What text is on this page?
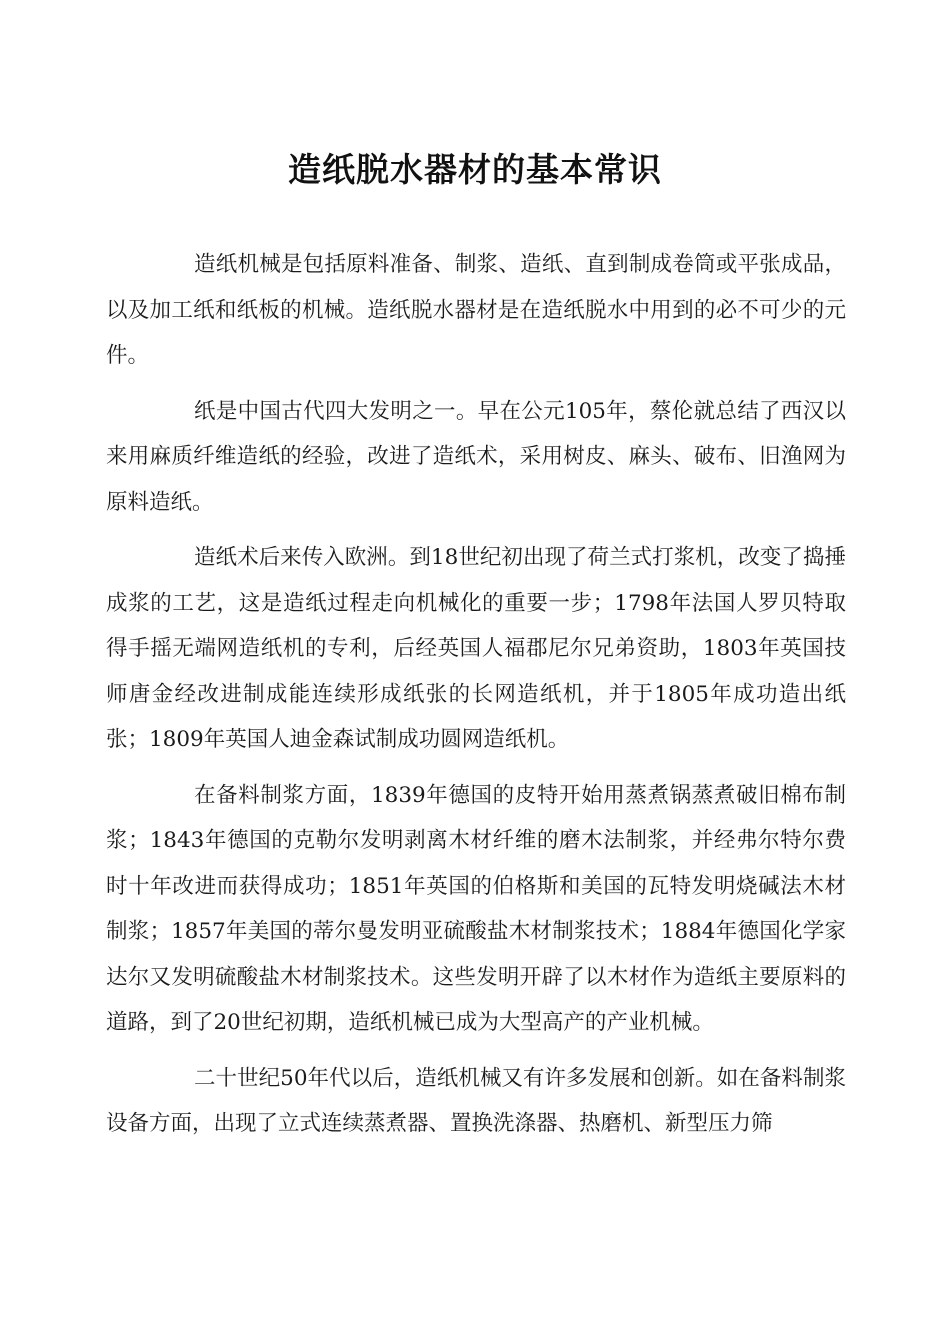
造纸脱水器材的基本常识

造纸机械是包括原料准备、制浆、造纸、直到制成卷筒或平张成品，以及加工纸和纸板的机械。造纸脱水器材是在造纸脱水中用到的必不可少的元件。

纸是中国古代四大发明之一。早在公元105年，蔡伦就总结了西汉以来用麻质纤维造纸的经验，改进了造纸术，采用树皮、麻头、破布、旧渔网为原料造纸。

造纸术后来传入欧洲。到18世纪初出现了荷兰式打浆机，改变了捣捶成浆的工艺，这是造纸过程走向机械化的重要一步；1798年法国人罗贝特取得手摇无端网造纸机的专利，后经英国人福郡尼尔兄弟资助，1803年英国技师唐金经改进制成能连续形成纸张的长网造纸机，并于1805年成功造出纸张；1809年英国人迪金森试制成功圆网造纸机。

在备料制浆方面，1839年德国的皮特开始用蒸煮锅蒸煮破旧棉布制浆；1843年德国的克勒尔发明剥离木材纤维的磨木法制浆，并经弗尔特尔费时十年改进而获得成功；1851年英国的伯格斯和美国的瓦特发明烧碱法木材制浆；1857年美国的蒂尔曼发明亚硫酸盐木材制浆技术；1884年德国化学家达尔又发明硫酸盐木材制浆技术。这些发明开辟了以木材作为造纸主要原料的道路，到了20世纪初期，造纸机械已成为大型高产的产业机械。

二十世纪50年代以后，造纸机械又有许多发展和创新。如在备料制浆设备方面，出现了立式连续蒸煮器、置换洗涤器、热磨机、新型压力筛
